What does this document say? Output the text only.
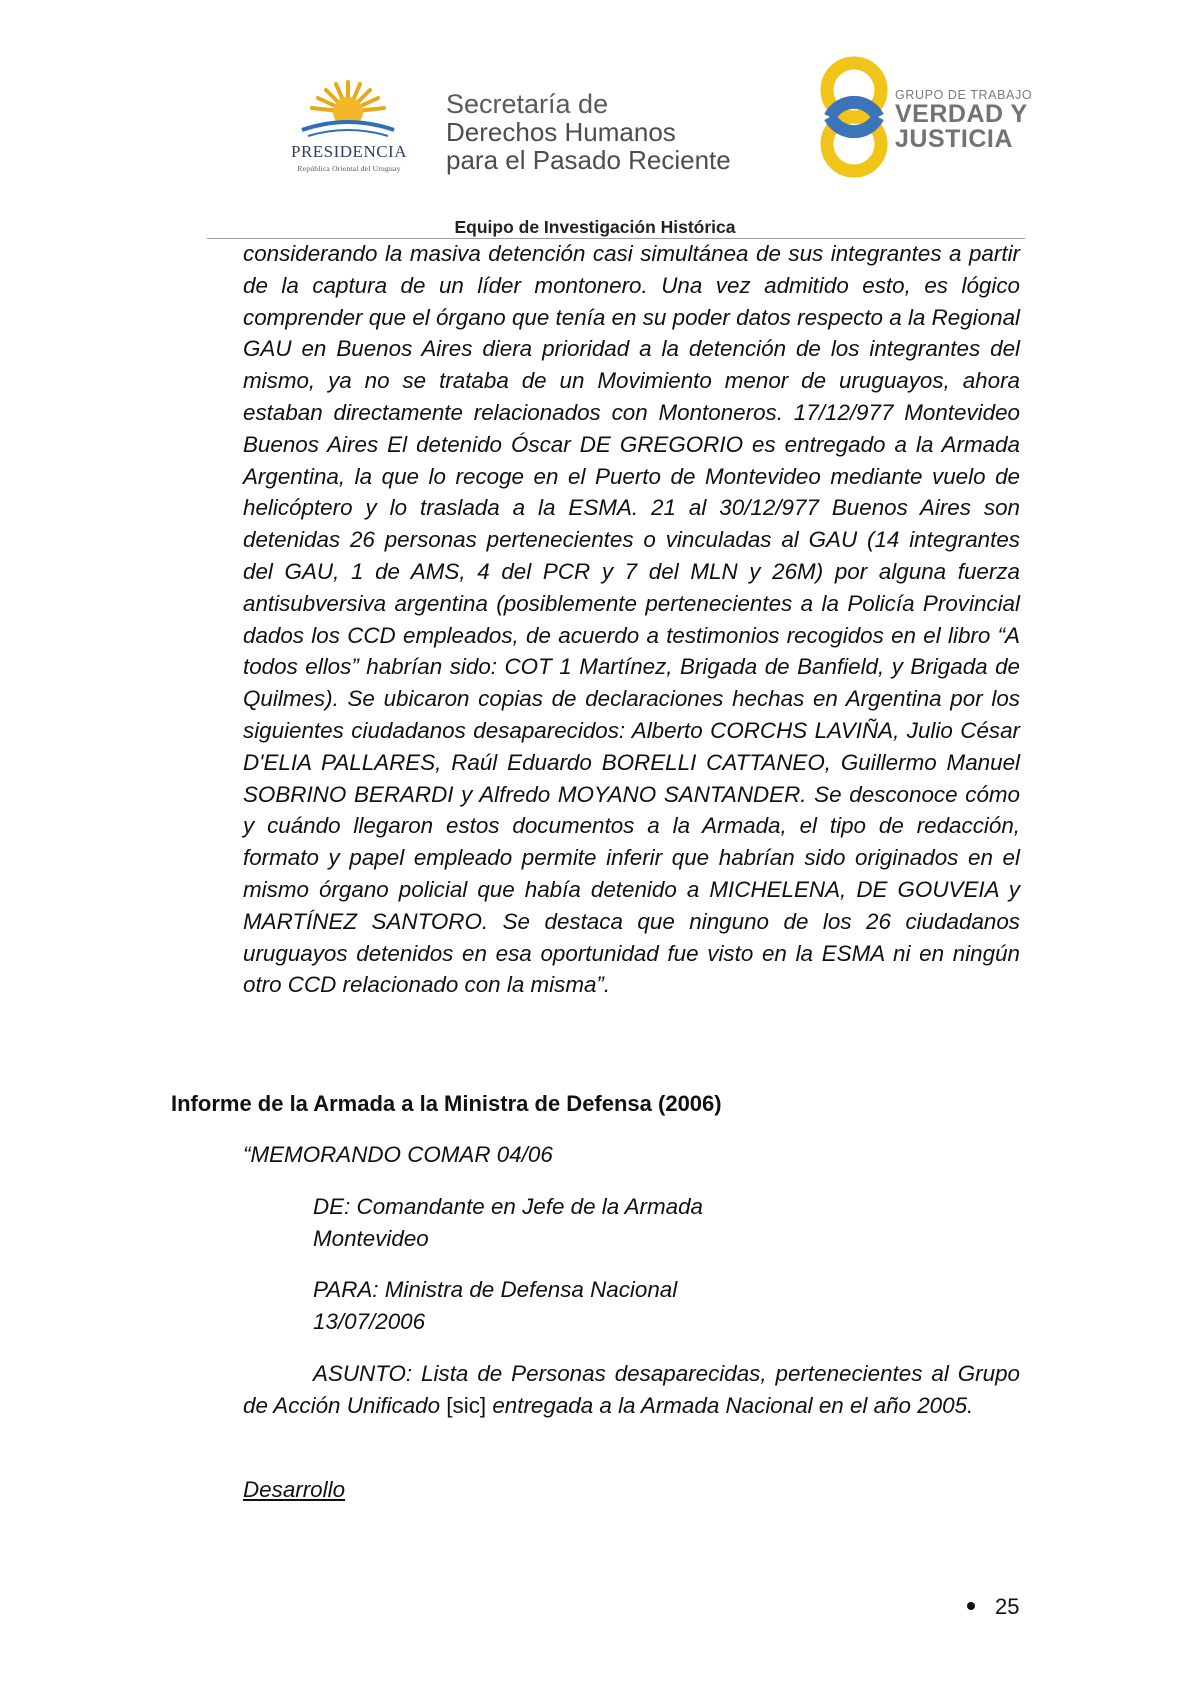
PRESIDENCIA
República Oriental del Uruguay
Secretaría de
Derechos Humanos
para el Pasado Reciente
GRUPO DE TRABAJO
VERDAD Y
JUSTICIA
Equipo de Investigación Histórica

considerando la masiva detención casi simultánea de sus integrantes a partir de la captura de un líder montonero. Una vez admitido esto, es lógico comprender que el órgano que tenía en su poder datos respecto a la Regional GAU en Buenos Aires diera prioridad a la detención de los integrantes del mismo, ya no se trataba de un Movimiento menor de uruguayos, ahora estaban directamente relacionados con Montoneros. 17/12/977 Montevideo Buenos Aires El detenido Óscar DE GREGORIO es entregado a la Armada Argentina, la que lo recoge en el Puerto de Montevideo mediante vuelo de helicóptero y lo traslada a la ESMA. 21 al 30/12/977 Buenos Aires son detenidas 26 personas pertenecientes o vinculadas al GAU (14 integrantes del GAU, 1 de AMS, 4 del PCR y 7 del MLN y 26M) por alguna fuerza antisubversiva argentina (posiblemente pertenecientes a la Policía Provincial dados los CCD empleados, de acuerdo a testimonios recogidos en el libro “A todos ellos” habrían sido: COT 1 Martínez, Brigada de Banfield, y Brigada de Quilmes). Se ubicaron copias de declaraciones hechas en Argentina por los siguientes ciudadanos desaparecidos: Alberto CORCHS LAVIÑA, Julio César D'ELIA PALLARES, Raúl Eduardo BORELLI CATTANEO, Guillermo Manuel SOBRINO BERARDI y Alfredo MOYANO SANTANDER. Se desconoce cómo y cuándo llegaron estos documentos a la Armada, el tipo de redacción, formato y papel empleado permite inferir que habrían sido originados en el mismo órgano policial que había detenido a MICHELENA, DE GOUVEIA y MARTÍNEZ SANTORO. Se destaca que ninguno de los 26 ciudadanos uruguayos detenidos en esa oportunidad fue visto en la ESMA ni en ningún otro CCD relacionado con la misma”.

Informe de la Armada a la Ministra de Defensa (2006)

“MEMORANDO COMAR 04/06

DE: Comandante en Jefe de la Armada

Montevideo

PARA: Ministra de Defensa Nacional

13/07/2006

ASUNTO: Lista de Personas desaparecidas, pertenecientes al Grupo de Acción Unificado [sic] entregada a la Armada Nacional en el año 2005.

Desarrollo

25
